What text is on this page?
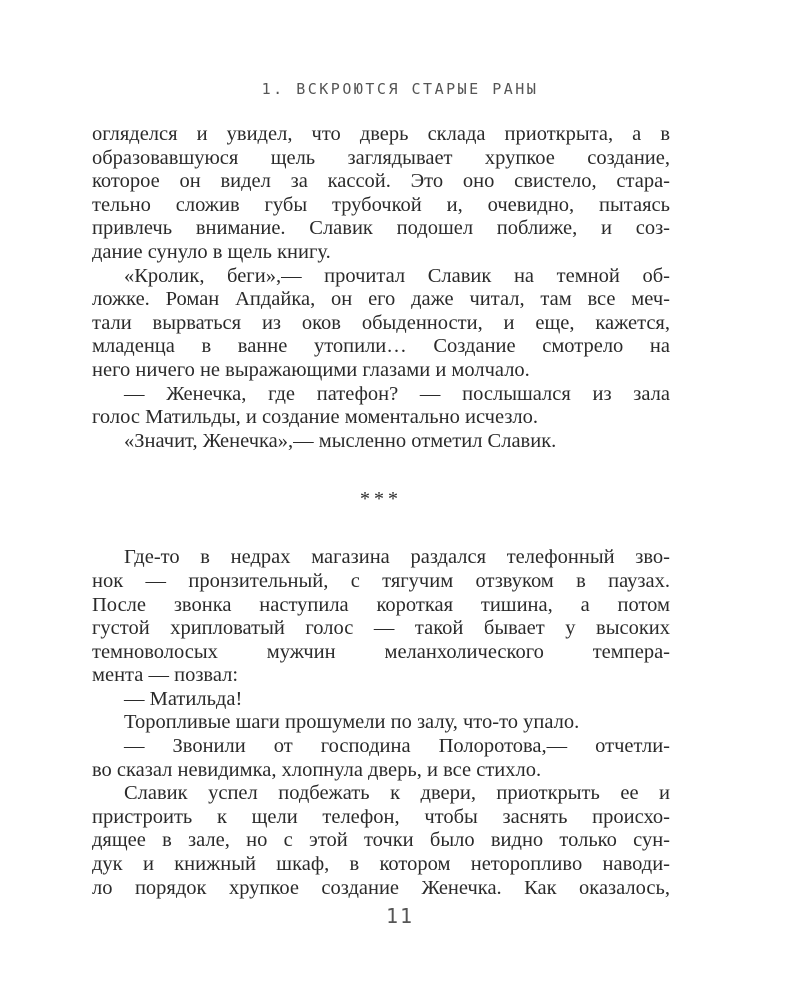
1. ВСКРОЮТСЯ СТАРЫЕ РАНЫ
огляделся и увидел, что дверь склада приоткрыта, а в
образовавшуюся щель заглядывает хрупкое создание,
которое он видел за кассой. Это оно свистело, стара-
тельно сложив губы трубочкой и, очевидно, пытаясь
привлечь внимание. Славик подошел поближе, и соз-
дание сунуло в щель книгу.
«Кролик, беги»,— прочитал Славик на темной об-
ложке. Роман Апдайка, он его даже читал, там все меч-
тали вырваться из оков обыденности, и еще, кажется,
младенца в ванне утопили… Создание смотрело на
него ничего не выражающими глазами и молчало.
— Женечка, где патефон? — послышался из зала
голос Матильды, и создание моментально исчезло.
«Значит, Женечка»,— мысленно отметил Славик.
***
Где-то в недрах магазина раздался телефонный зво-
нок — пронзительный, с тягучим отзвуком в паузах.
После звонка наступила короткая тишина, а потом
густой хрипловатый голос — такой бывает у высоких
темноволосых мужчин меланхолического темпера-
мента — позвал:
— Матильда!
Торопливые шаги прошумели по залу, что-то упало.
— Звонили от господина Полоротова,— отчетли-
во сказал невидимка, хлопнула дверь, и все стихло.
Славик успел подбежать к двери, приоткрыть ее и
пристроить к щели телефон, чтобы заснять происхо-
дящее в зале, но с этой точки было видно только сун-
дук и книжный шкаф, в котором неторопливо наводи-
ло порядок хрупкое создание Женечка. Как оказалось,
11
